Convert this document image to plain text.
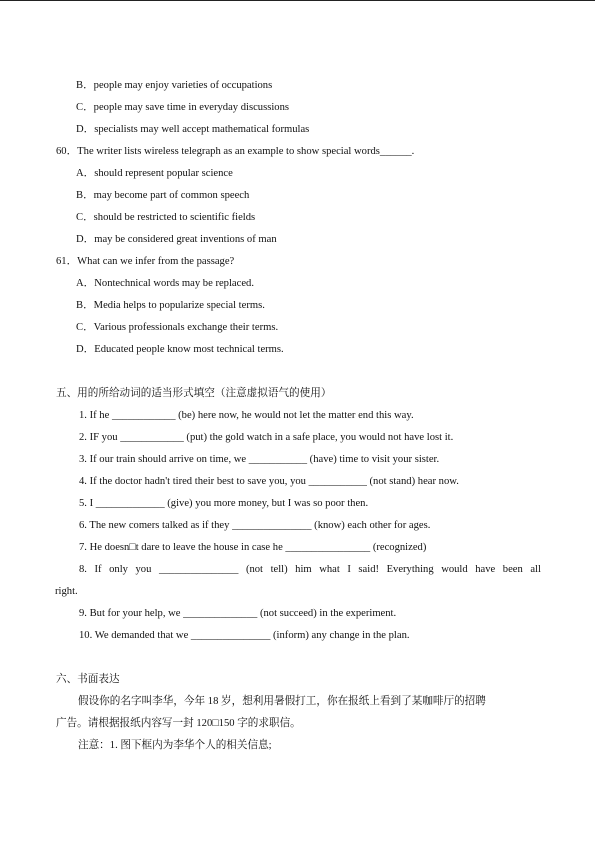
B．people may enjoy varieties of occupations
C．people may save time in everyday discussions
D．specialists may well accept mathematical formulas
60．The writer lists wireless telegraph as an example to show special words______.
A．should represent popular science
B．may become part of common speech
C．should be restricted to scientific fields
D．may be considered great inventions of man
61．What can we infer from the passage?
A．Nontechnical words may be replaced.
B．Media helps to popularize special terms.
C．Various professionals exchange their terms.
D．Educated people know most technical terms.
五、用的所给动词的适当形式填空（注意虚拟语气的使用）
1. If he ____________ (be) here now, he would not let the matter end this way.
2. IF you ____________ (put) the gold watch in a safe place, you would not have lost it.
3. If our train should arrive on time, we ___________ (have) time to visit your sister.
4. If the doctor hadn't tired their best to save you, you ___________ (not stand) hear now.
5. I _____________ (give) you more money, but I was so poor then.
6. The new comers talked as if they _______________ (know) each other for ages.
7. He doesn□t dare to leave the house in case he ________________ (recognized)
8. If only you _______________ (not tell) him what I said! Everything would have been all
right.
9. But for your help, we ______________ (not succeed) in the experiment.
10. We demanded that we _______________ (inform) any change in the plan.
六、书面表达
假设你的名字叫李华，今年 18 岁，想利用暑假打工，你在报纸上看到了某咖啡厅的招聘
广告。请根据报纸内容写一封 120□150 字的求职信。
注意：1. 图下框内为李华个人的相关信息;
